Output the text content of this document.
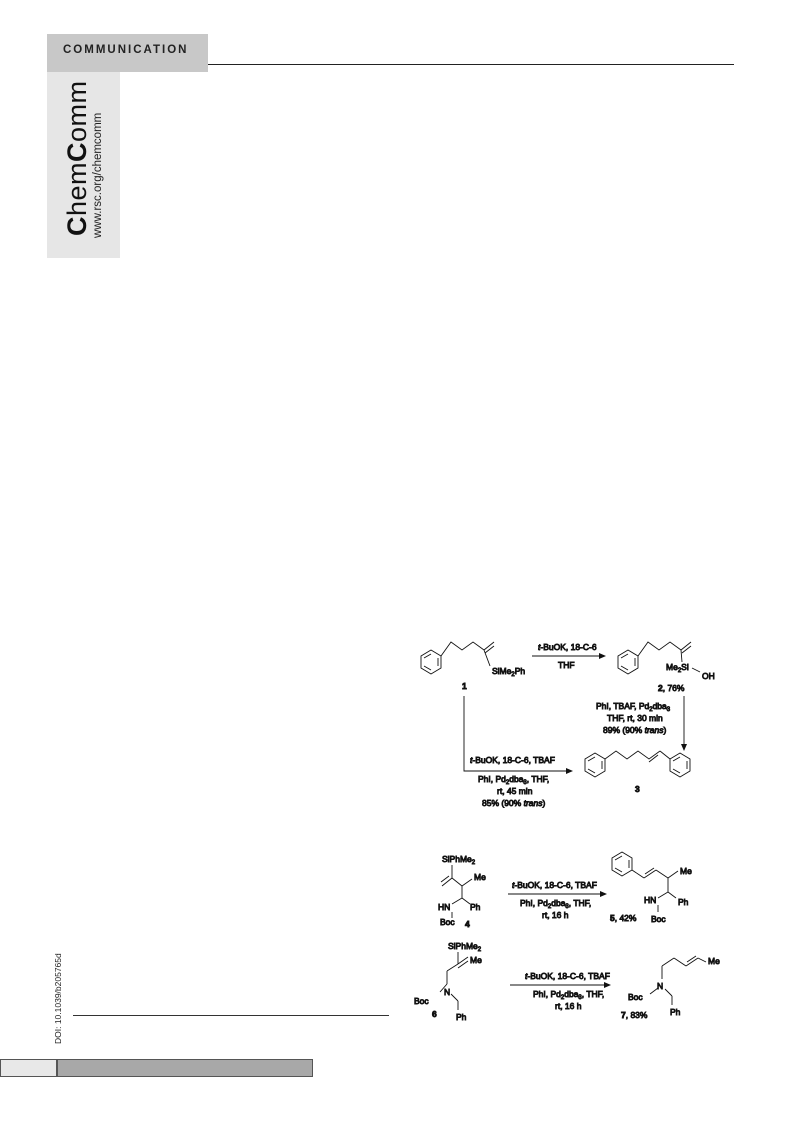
COMMUNICATION
ChemComm
www.rsc.org/chemcomm
DOI: 10.1039/b205765d
SiMe$_2$Ph
1
t-BuOK, 18-C-6
THF	$Me_2Si$
OH
2, 76%
PhI, TBAF, $Pd_2dba_3$
THF, rt, 30 min
89% (90% trans)
t-BuOK, 18-C-6, TBAF
PhI, $Pd_2dba_3$, THF,
rt, 45 min
85% (90% trans)
3
SiPhMe$_2$
Me
HN Ph
Boc 4
t-BuOK, 18-C-6, TBAF
PhI, $Pd_2dba_3$, THF,
rt, 16 h
Me
HN	Ph
Boc
5, 42%
SiPhMe$_2$
Me
N
Boc
Ph
6
t-BuOK, 18-C-6, TBAF
PhI, $Pd_2dba_3$, THF,
rt, 16 h
Me
N
Boc
Ph
7, 83%
